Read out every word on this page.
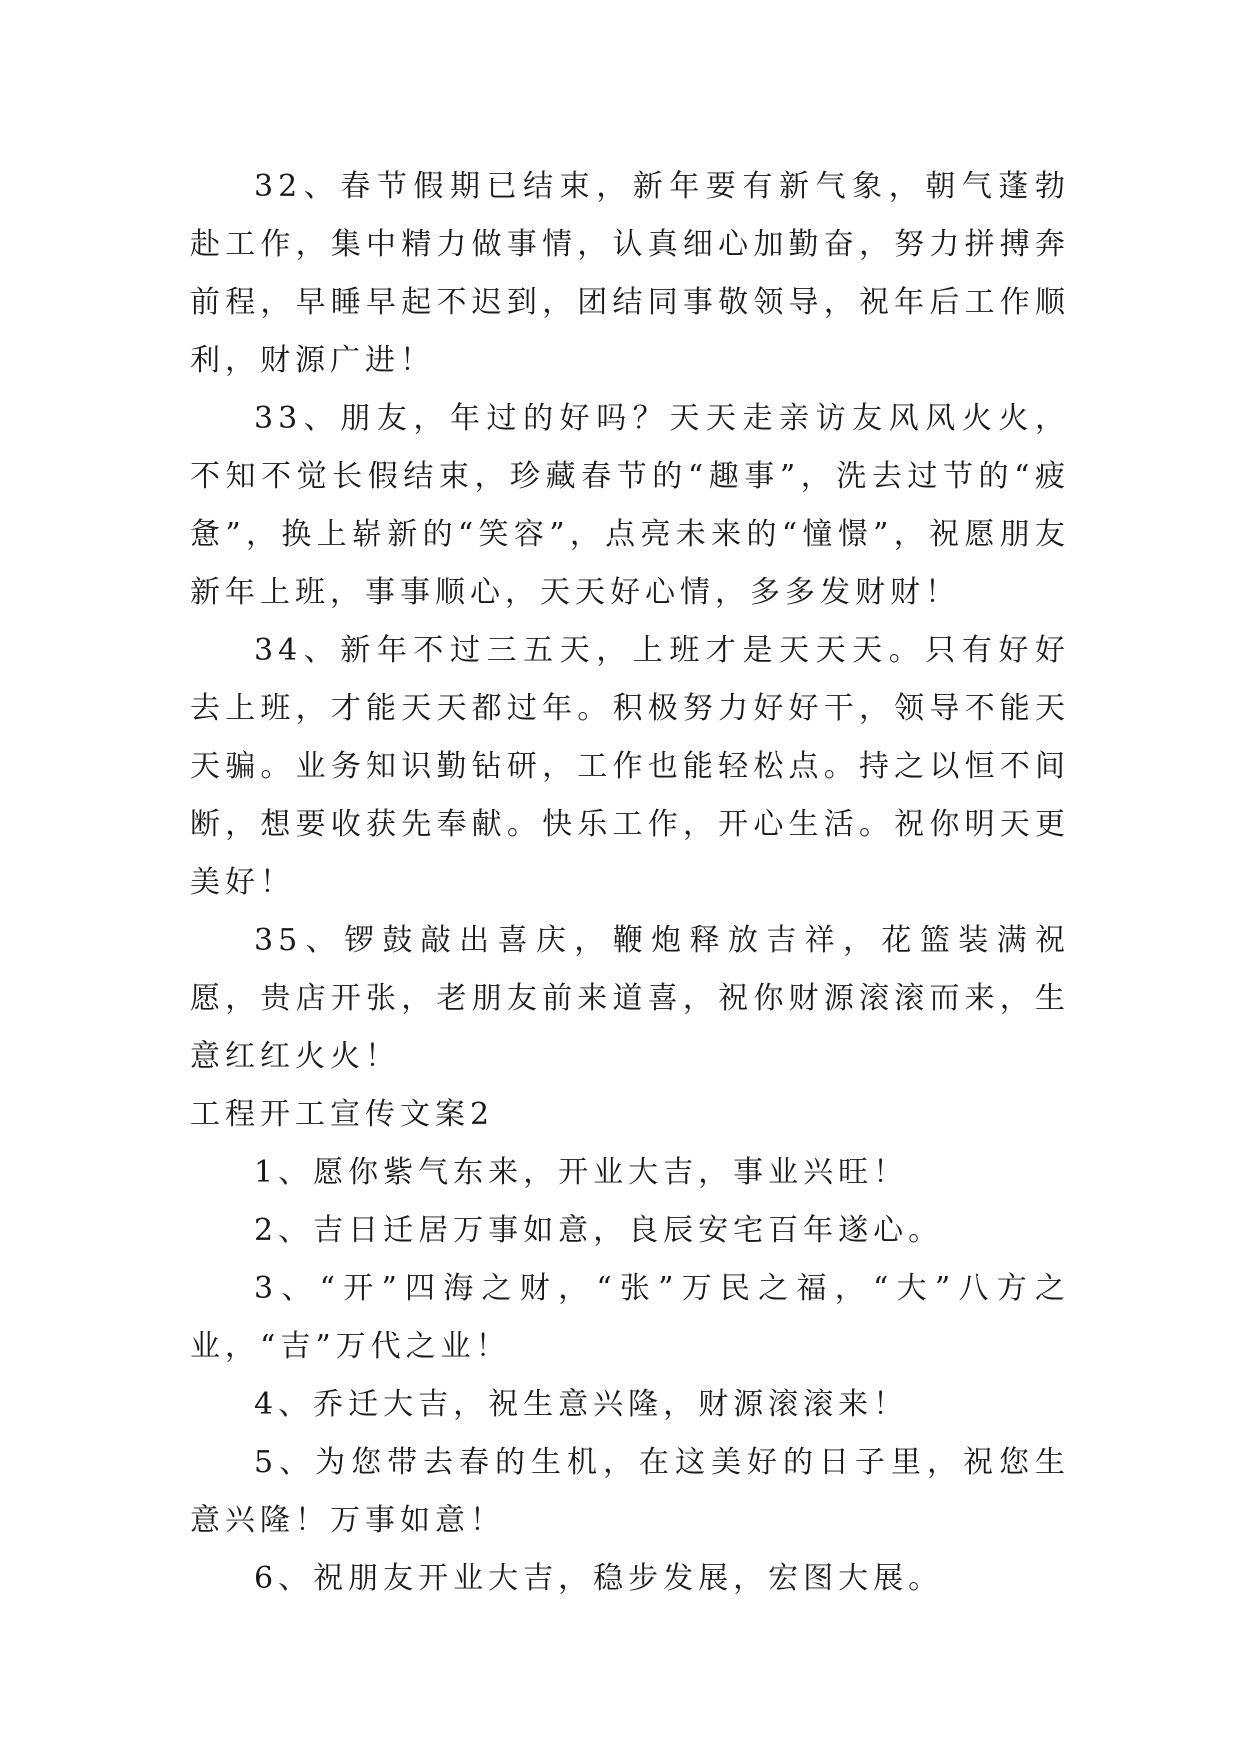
32、春节假期已结束，新年要有新气象，朝气蓬勃赴工作，集中精力做事情，认真细心加勤奋，努力拼搏奔前程，早睡早起不迟到，团结同事敬领导，祝年后工作顺利，财源广进！

33、朋友，年过的好吗？天天走亲访友风风火火，不知不觉长假结束，珍藏春节的“趣事”，洗去过节的“疲惫”，换上崭新的“笑容”，点亮未来的“憧憬”，祝愿朋友新年上班，事事顺心，天天好心情，多多发财财！

34、新年不过三五天，上班才是天天天。只有好好去上班，才能天天都过年。积极努力好好干，领导不能天天骗。业务知识勤钻研，工作也能轻松点。持之以恒不间断，想要收获先奉献。快乐工作，开心生活。祝你明天更美好！

35、锣鼓敲出喜庆，鞭炮释放吉祥，花篮装满祝愿，贵店开张，老朋友前来道喜，祝你财源滚滚而来，生意红红火火！

工程开工宣传文案2

1、愿你紫气东来，开业大吉，事业兴旺！

2、吉日迁居万事如意，良辰安宅百年遂心。

3、“开”四海之财，“张”万民之福，“大”八方之业，“吉”万代之业！

4、乔迁大吉，祝生意兴隆，财源滚滚来！

5、为您带去春的生机，在这美好的日子里，祝您生意兴隆！万事如意！

6、祝朋友开业大吉，稳步发展，宏图大展。
